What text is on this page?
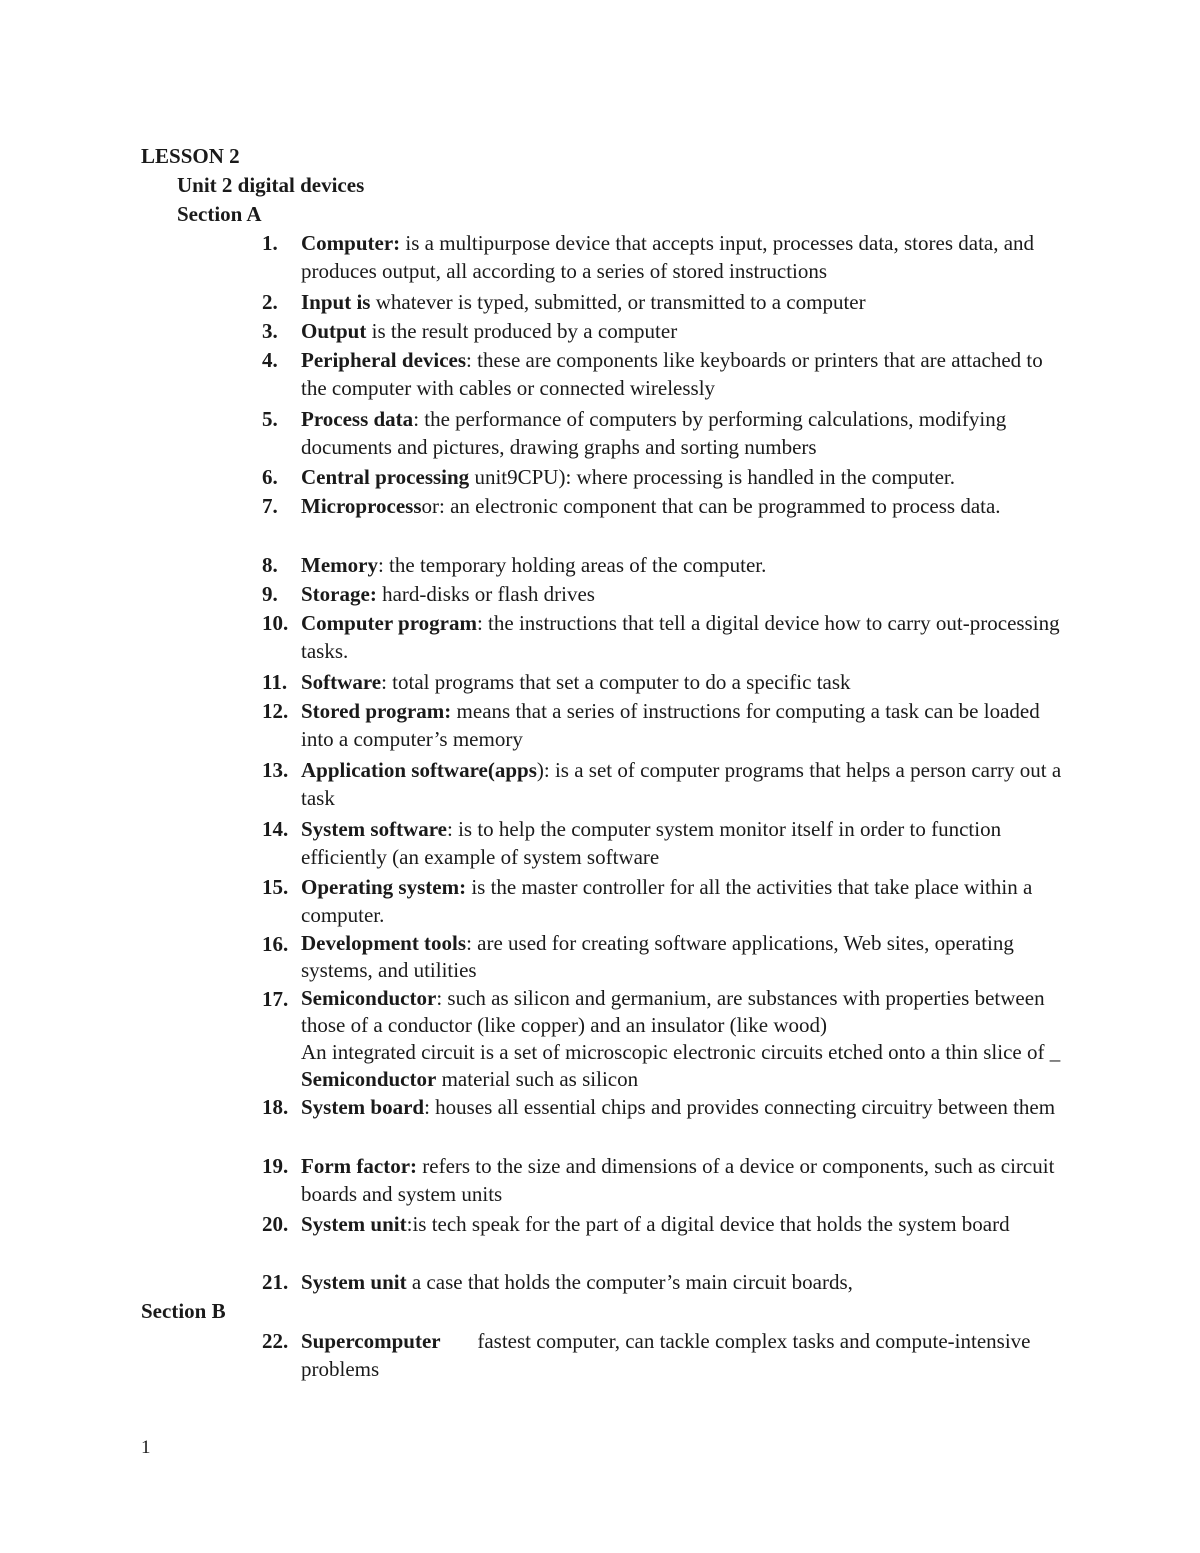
LESSON 2
Unit 2 digital devices
Section A
1.	Computer: is a multipurpose device that accepts input, processes data, stores data, and produces output, all according to a series of stored instructions
2.	Input is whatever is typed, submitted, or transmitted to a computer
3.	Output is the result produced by a computer
4.	Peripheral devices: these are components like keyboards or printers that are attached to the computer with cables or connected wirelessly
5.	Process data: the performance of computers by performing calculations, modifying documents and pictures, drawing graphs and sorting numbers
6.	Central processing unit9CPU): where processing is handled in the computer.
7.	Microprocessor: an electronic component that can be programmed to process data.
8.	Memory: the temporary holding areas of the computer.
9.	Storage: hard-disks or flash drives
10. Computer program: the instructions that tell a digital device how to carry out-processing tasks.
11. Software: total programs that set a computer to do a specific task
12. Stored program: means that a series of instructions for computing a task can be loaded into a computer’s memory
13. Application software(apps): is a set of computer programs that helps a person carry out a task
14. System software: is to help the computer system monitor itself in order to function efficiently (an example of system software
15. Operating system: is the master controller for all the activities that take place within a computer.
16. Development tools: are used for creating software applications, Web sites, operating systems, and utilities
17. Semiconductor: such as silicon and germanium, are substances with properties between those of a conductor (like copper) and an insulator (like wood)
An integrated circuit is a set of microscopic electronic circuits etched onto a thin slice of _ Semiconductor material such as silicon
18. System board: houses all essential chips and provides connecting circuitry between them
19. Form factor: refers to the size and dimensions of a device or components, such as circuit boards and system units
20. System unit:is tech speak for the part of a digital device that holds the system board
21. System unit a case that holds the computer’s main circuit boards,
Section B
22. Supercomputer       fastest computer, can tackle complex tasks and compute-intensive problems
1
